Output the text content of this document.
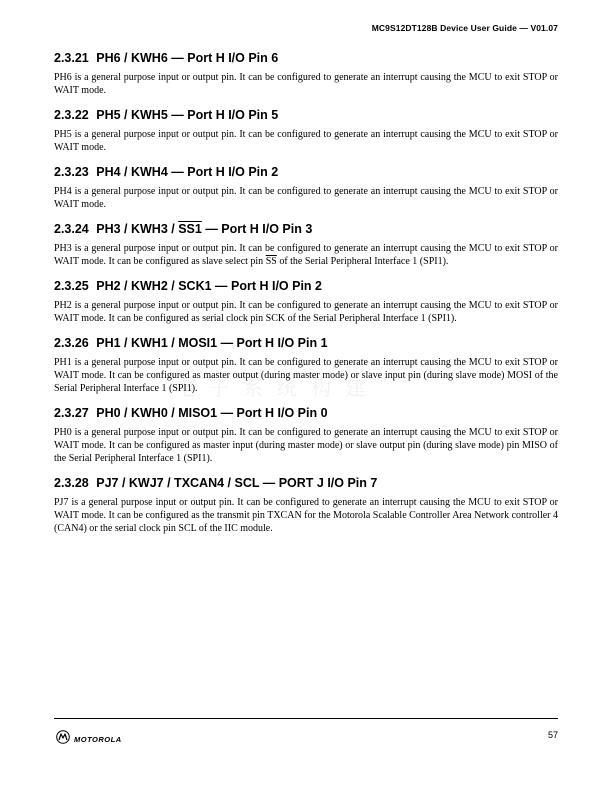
MC9S12DT128B Device User Guide — V01.07
电子系统构建
2.3.21 PH6 / KWH6 — Port H I/O Pin 6

PH6 is a general purpose input or output pin. It can be configured to generate an interrupt causing the MCU to exit STOP or WAIT mode.

2.3.22 PH5 / KWH5 — Port H I/O Pin 5

PH5 is a general purpose input or output pin. It can be configured to generate an interrupt causing the MCU to exit STOP or WAIT mode.

2.3.23 PH4 / KWH4 — Port H I/O Pin 2

PH4 is a general purpose input or output pin. It can be configured to generate an interrupt causing the MCU to exit STOP or WAIT mode.

2.3.24 PH3 / KWH3 / SS1 — Port H I/O Pin 3

PH3 is a general purpose input or output pin. It can be configured to generate an interrupt causing the MCU to exit STOP or WAIT mode. It can be configured as slave select pin $\overline{SS}$ of the Serial Peripheral Interface 1 (SPI1).

2.3.25 PH2 / KWH2 / SCK1 — Port H I/O Pin 2

PH2 is a general purpose input or output pin. It can be configured to generate an interrupt causing the MCU to exit STOP or WAIT mode. It can be configured as serial clock pin SCK of the Serial Peripheral Interface 1 (SPI1).

2.3.26 PH1 / KWH1 / MOSI1 — Port H I/O Pin 1

PH1 is a general purpose input or output pin. It can be configured to generate an interrupt causing the MCU to exit STOP or WAIT mode. It can be configured as master output (during master mode) or slave input pin (during slave mode) MOSI of the Serial Peripheral Interface 1 (SPI1).

2.3.27 PH0 / KWH0 / MISO1 — Port H I/O Pin 0

PH0 is a general purpose input or output pin. It can be configured to generate an interrupt causing the MCU to exit STOP or WAIT mode. It can be configured as master input (during master mode) or slave output pin (during slave mode) pin MISO of the Serial Peripheral Interface 1 (SPI1).

2.3.28 PJ7 / KWJ7 / TXCAN4 / SCL — PORT J I/O Pin 7

PJ7 is a general purpose input or output pin. It can be configured to generate an interrupt causing the MCU to exit STOP or WAIT mode. It can be configured as the transmit pin TXCAN for the Motorola Scalable Controller Area Network controller 4 (CAN4) or the serial clock pin SCL of the IIC module.

MOTOROLA	57
